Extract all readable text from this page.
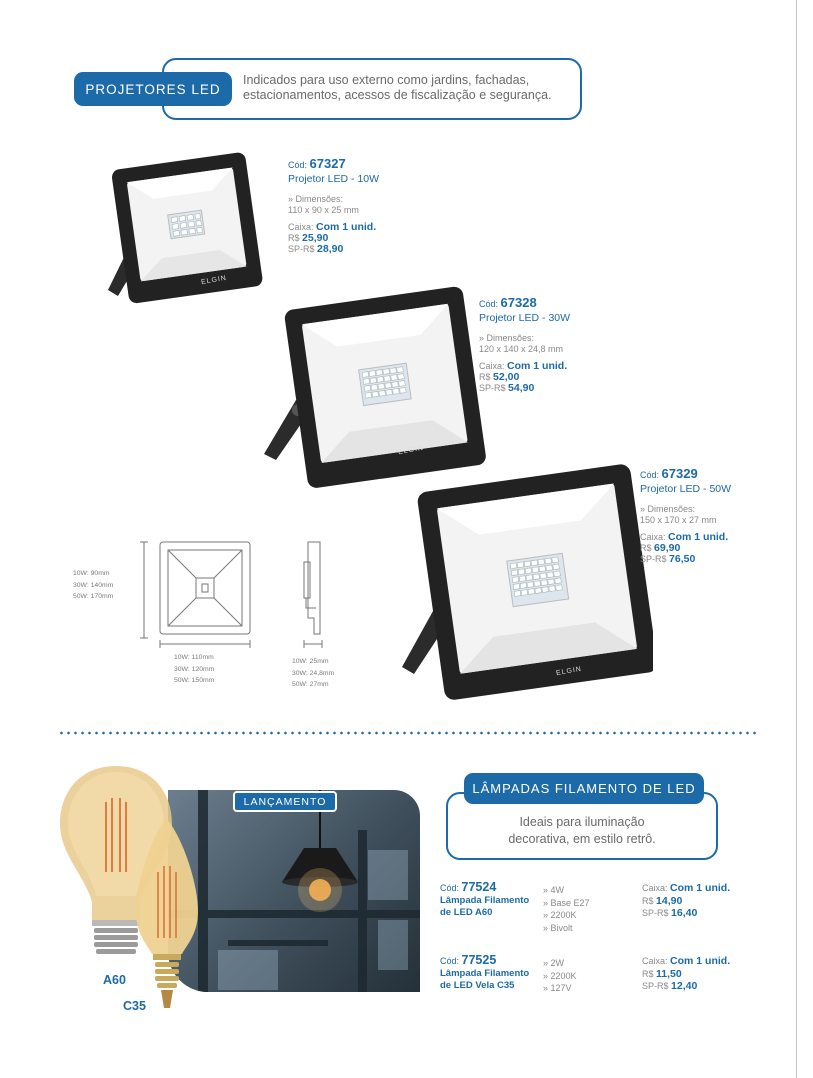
PROJETORES LED
Indicados para uso externo como jardins, fachadas, estacionamentos, acessos de fiscalização e segurança.
ELGIN
ELGIN
ELGIN
Cód: 67327
Projetor LED - 10W
» Dimensões:
110 x 90 x 25 mm
Caixa: Com 1 unid.
R$ 25,90
SP-R$ 28,90
Cód: 67328
Projetor LED - 30W
» Dimensões:
120 x 140 x 24,8 mm
Caixa: Com 1 unid.
R$ 52,00
SP-R$ 54,90
Cód: 67329
Projetor LED - 50W
» Dimensões:
150 x 170 x 27 mm
Caixa: Com 1 unid.
R$ 69,90
SP-R$ 76,50
10W: 90mm
30W: 140mm
50W: 170mm
10W: 110mm
30W: 120mm
50W: 150mm
10W: 25mm
30W: 24,8mm
50W: 27mm
LANÇAMENTO
A60
C35
LÂMPADAS FILAMENTO DE LED
Ideais para iluminação
decorativa, em estilo retrô.
Cód: 77524
Lâmpada Filamento
de LED A60
» 4W
» Base E27
» 2200K
» Bivolt
Caixa: Com 1 unid.
R$ 14,90
SP-R$ 16,40
Cód: 77525
Lâmpada Filamento
de LED Vela C35
» 2W
» 2200K
» 127V
Caixa: Com 1 unid.
R$ 11,50
SP-R$ 12,40
